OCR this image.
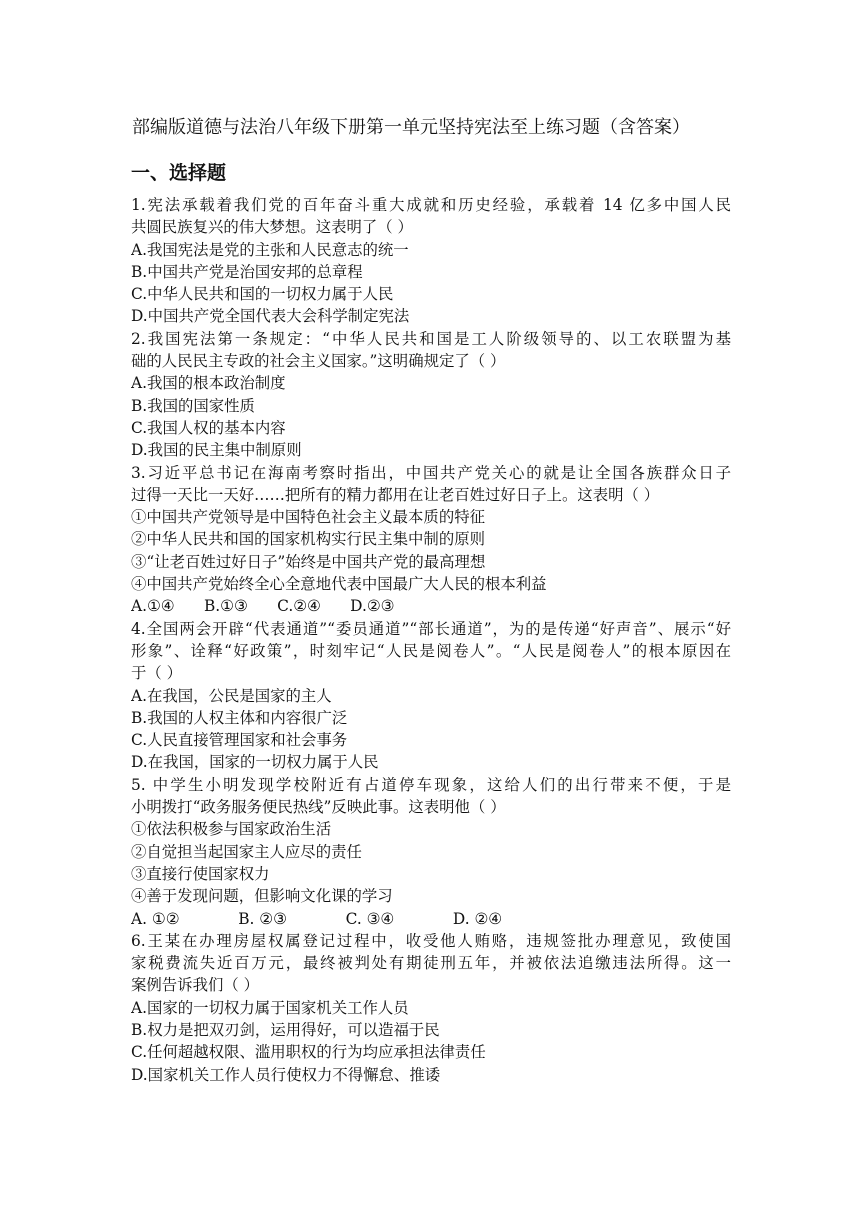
部编版道德与法治八年级下册第一单元坚持宪法至上练习题（含答案）
一、选择题
1.宪法承载着我们党的百年奋斗重大成就和历史经验，承载着 14 亿多中国人民
共圆民族复兴的伟大梦想。这表明了（ ）
A.我国宪法是党的主张和人民意志的统一
B.中国共产党是治国安邦的总章程
C.中华人民共和国的一切权力属于人民
D.中国共产党全国代表大会科学制定宪法
2.我国宪法第一条规定：“中华人民共和国是工人阶级领导的、以工农联盟为基
础的人民民主专政的社会主义国家。”这明确规定了（ ）
A.我国的根本政治制度
B.我国的国家性质
C.我国人权的基本内容
D.我国的民主集中制原则
3.习近平总书记在海南考察时指出，中国共产党关心的就是让全国各族群众日子
过得一天比一天好……把所有的精力都用在让老百姓过好日子上。这表明（ ）
①中国共产党领导是中国特色社会主义最本质的特征
②中华人民共和国的国家机构实行民主集中制的原则
③“让老百姓过好日子”始终是中国共产党的最高理想
④中国共产党始终全心全意地代表中国最广大人民的根本利益
A.①④      B.①③      C.②④      D.②③
4.全国两会开辟“代表通道”“委员通道”“部长通道”，为的是传递“好声音”、展示“好
形象”、诠释“好政策”，时刻牢记“人民是阅卷人”。“人民是阅卷人”的根本原因在
于（ ）
A.在我国，公民是国家的主人
B.我国的人权主体和内容很广泛
C.人民直接管理国家和社会事务
D.在我国，国家的一切权力属于人民
5. 中学生小明发现学校附近有占道停车现象，这给人们的出行带来不便，于是
小明拨打“政务服务便民热线”反映此事。这表明他（ ）
①依法积极参与国家政治生活
②自觉担当起国家主人应尽的责任
③直接行使国家权力
④善于发现问题，但影响文化课的学习
A. ①②            B. ②③            C. ③④            D. ②④
6.王某在办理房屋权属登记过程中，收受他人贿赂，违规签批办理意见，致使国
家税费流失近百万元，最终被判处有期徒刑五年，并被依法追缴违法所得。这一
案例告诉我们（ ）
A.国家的一切权力属于国家机关工作人员
B.权力是把双刃剑，运用得好，可以造福于民
C.任何超越权限、滥用职权的行为均应承担法律责任
D.国家机关工作人员行使权力不得懈怠、推诿
